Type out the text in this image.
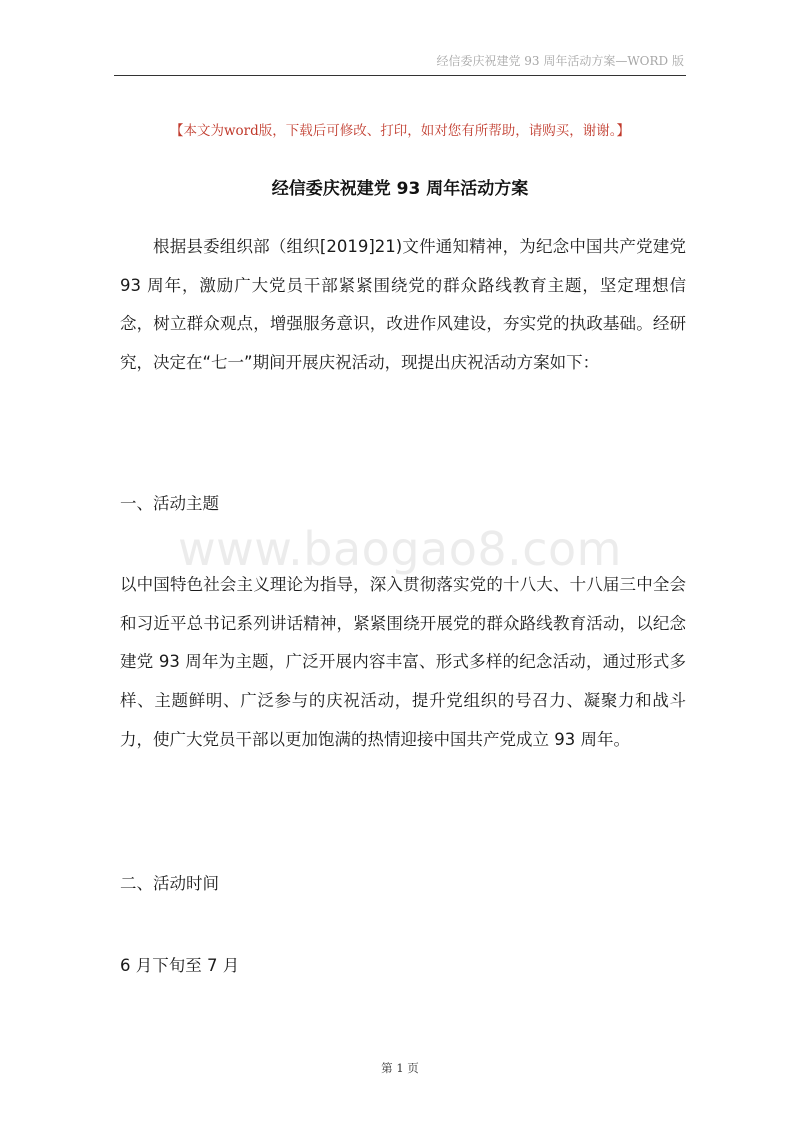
经信委庆祝建党 93 周年活动方案—WORD 版
【本文为word版，下载后可修改、打印，如对您有所帮助，请购买，谢谢。】
经信委庆祝建党 93 周年活动方案

根据县委组织部（组织[2019]21)文件通知精神，为纪念中国共产党建党 93 周年，激励广大党员干部紧紧围绕党的群众路线教育主题，坚定理想信念，树立群众观点，增强服务意识，改进作风建设，夯实党的执政基础。经研究，决定在“七一”期间开展庆祝活动，现提出庆祝活动方案如下：

一、活动主题

www.baogao8.com

以中国特色社会主义理论为指导，深入贯彻落实党的十八大、十八届三中全会和习近平总书记系列讲话精神，紧紧围绕开展党的群众路线教育活动，以纪念建党 93 周年为主题，广泛开展内容丰富、形式多样的纪念活动，通过形式多样、主题鲜明、广泛参与的庆祝活动，提升党组织的号召力、凝聚力和战斗力，使广大党员干部以更加饱满的热情迎接中国共产党成立 93 周年。

二、活动时间

6 月下旬至 7 月

第 1 页
